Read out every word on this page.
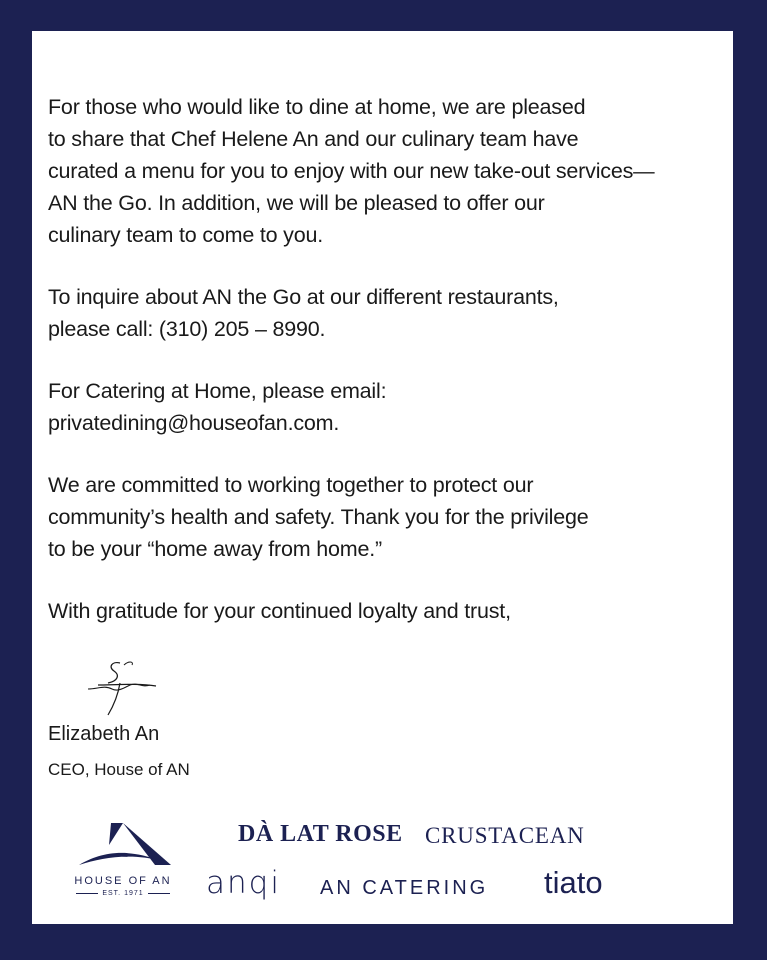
For those who would like to dine at home, we are pleased
to share that Chef Helene An and our culinary team have
curated a menu for you to enjoy with our new take-out services—
AN the Go. In addition, we will be pleased to offer our
culinary team to come to you.
To inquire about AN the Go at our different restaurants,
please call: (310) 205 – 8990.
For Catering at Home, please email:
privatedining@houseofan.com.
We are committed to working together to protect our
community’s health and safety. Thank you for the privilege
to be your “home away from home.”
With gratitude for your continued loyalty and trust,
Elizabeth An
CEO, House of AN
HOUSE OF AN
EST. 1971
DÀ LAT ROSE CRUSTACEAN
anqi AN CATERING tiato
